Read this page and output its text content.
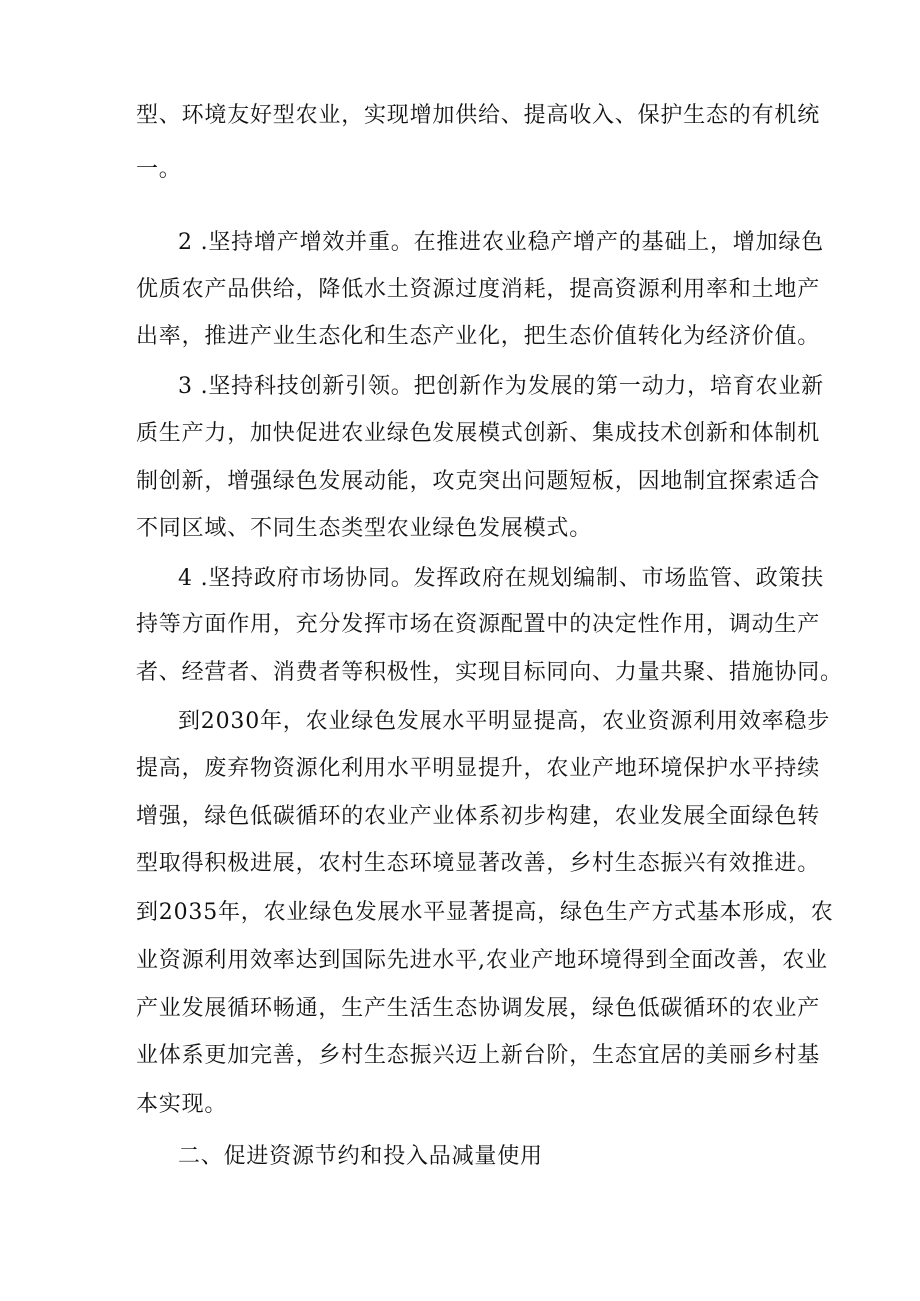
型、环境友好型农业，实现增加供给、提高收入、保护生态的有机统
一。
2 .坚持增产增效并重。在推进农业稳产增产的基础上，增加绿色
优质农产品供给，降低水土资源过度消耗，提高资源利用率和土地产
出率，推进产业生态化和生态产业化，把生态价值转化为经济价值。
3 .坚持科技创新引领。把创新作为发展的第一动力，培育农业新
质生产力，加快促进农业绿色发展模式创新、集成技术创新和体制机
制创新，增强绿色发展动能，攻克突出问题短板，因地制宜探索适合
不同区域、不同生态类型农业绿色发展模式。
4 .坚持政府市场协同。发挥政府在规划编制、市场监管、政策扶
持等方面作用，充分发挥市场在资源配置中的决定性作用，调动生产
者、经营者、消费者等积极性，实现目标同向、力量共聚、措施协同。
到2030年，农业绿色发展水平明显提高，农业资源利用效率稳步
提高，废弃物资源化利用水平明显提升，农业产地环境保护水平持续
增强，绿色低碳循环的农业产业体系初步构建，农业发展全面绿色转
型取得积极进展，农村生态环境显著改善，乡村生态振兴有效推进。
到2035年，农业绿色发展水平显著提高，绿色生产方式基本形成，农
业资源利用效率达到国际先进水平,农业产地环境得到全面改善，农业
产业发展循环畅通，生产生活生态协调发展，绿色低碳循环的农业产
业体系更加完善，乡村生态振兴迈上新台阶，生态宜居的美丽乡村基
本实现。
二、促进资源节约和投入品减量使用
